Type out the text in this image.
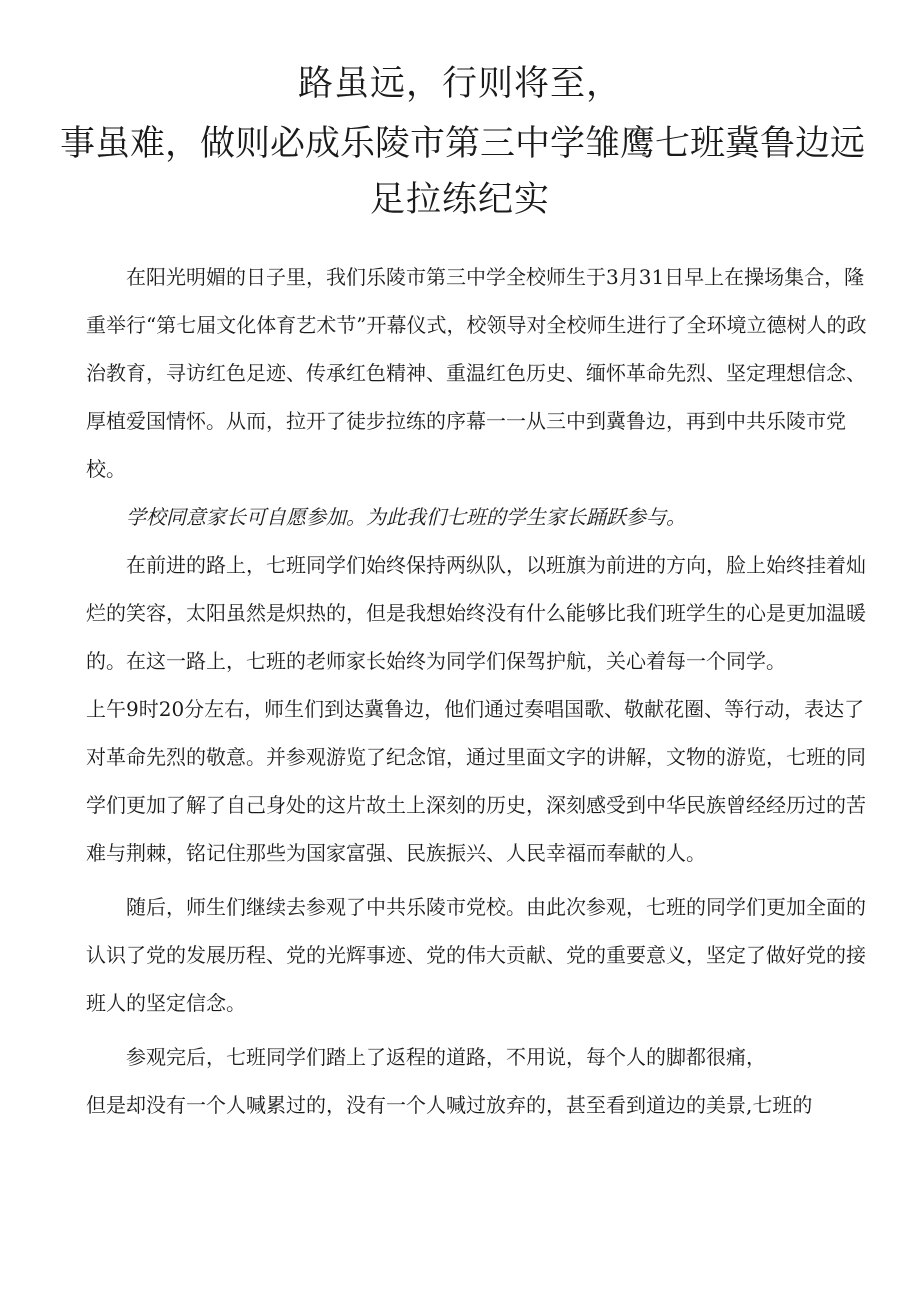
路虽远，行则将至，
事虽难，做则必成乐陵市第三中学雏鹰七班冀鲁边远
足拉练纪实

在阳光明媚的日子里，我们乐陵市第三中学全校师生于3月31日早上在操场集合，隆重举行“第七届文化体育艺术节”开幕仪式，校领导对全校师生进行了全环境立德树人的政治教育，寻访红色足迹、传承红色精神、重温红色历史、缅怀革命先烈、坚定理想信念、厚植爱国情怀。从而，拉开了徒步拉练的序幕一一从三中到冀鲁边，再到中共乐陵市党校。

学校同意家长可自愿参加。为此我们七班的学生家长踊跃参与。

在前进的路上，七班同学们始终保持两纵队，以班旗为前进的方向，脸上始终挂着灿烂的笑容，太阳虽然是炽热的，但是我想始终没有什么能够比我们班学生的心是更加温暖的。在这一路上，七班的老师家长始终为同学们保驾护航，关心着每一个同学。

上午9时20分左右，师生们到达冀鲁边，他们通过奏唱国歌、敬献花圈、等行动，表达了对革命先烈的敬意。并参观游览了纪念馆，通过里面文字的讲解，文物的游览，七班的同学们更加了解了自己身处的这片故土上深刻的历史，深刻感受到中华民族曾经经历过的苦难与荆棘，铭记住那些为国家富强、民族振兴、人民幸福而奉献的人。

随后，师生们继续去参观了中共乐陵市党校。由此次参观，七班的同学们更加全面的认识了党的发展历程、党的光辉事迹、党的伟大贡献、党的重要意义，坚定了做好党的接班人的坚定信念。

参观完后，七班同学们踏上了返程的道路，不用说，每个人的脚都很痛，

但是却没有一个人喊累过的，没有一个人喊过放弃的，甚至看到道边的美景,七班的
